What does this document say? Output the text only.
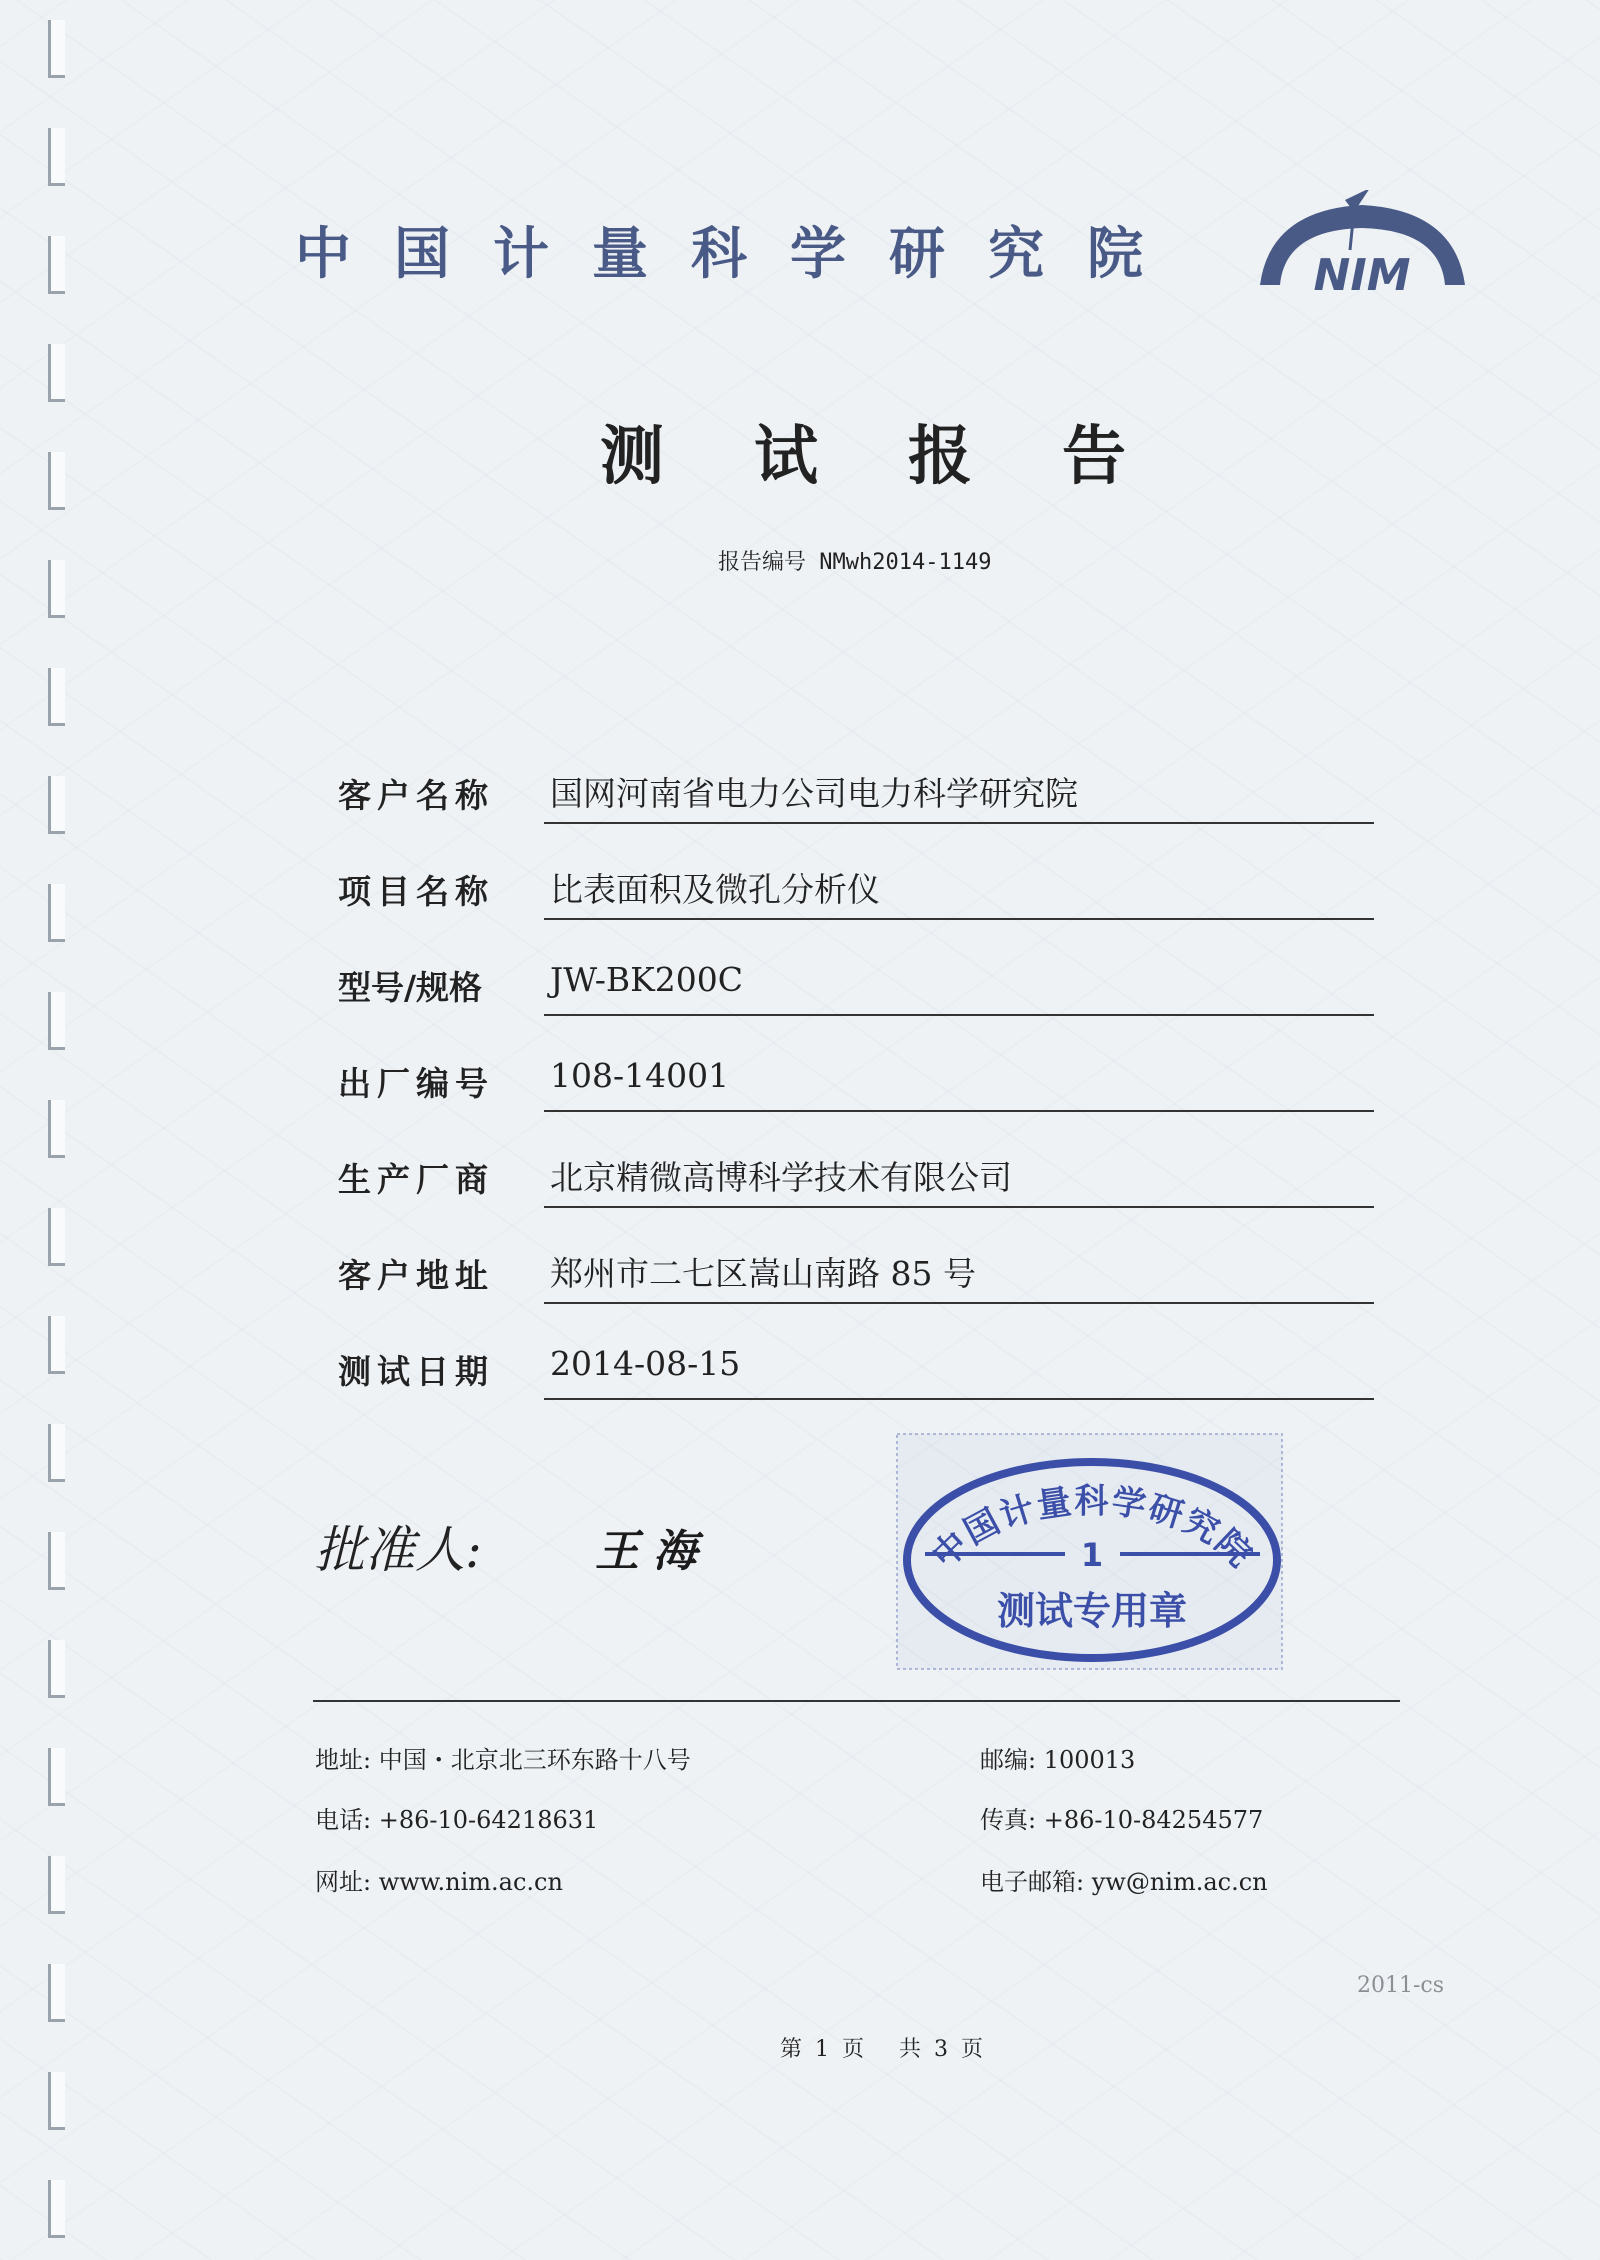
中国计量科学研究院	NIM
测试报告
报告编号 NMwh2014-1149
客户名称	国网河南省电力公司电力科学研究院
项目名称	比表面积及微孔分析仪
型号/规格	JW-BK200C
出厂编号	108-14001
生产厂商	北京精微高博科学技术有限公司
客户地址	郑州市二七区嵩山南路 85 号
测试日期	2014-08-15
批准人:	王海	中国计量科学研究院
1
测试专用章
地址: 中国・北京北三环东路十八号	邮编: 100013
电话: +86-10-64218631	传真: +86-10-84254577
网址: www.nim.ac.cn	电子邮箱: yw@nim.ac.cn
2011-cs
第 1 页 共 3 页
